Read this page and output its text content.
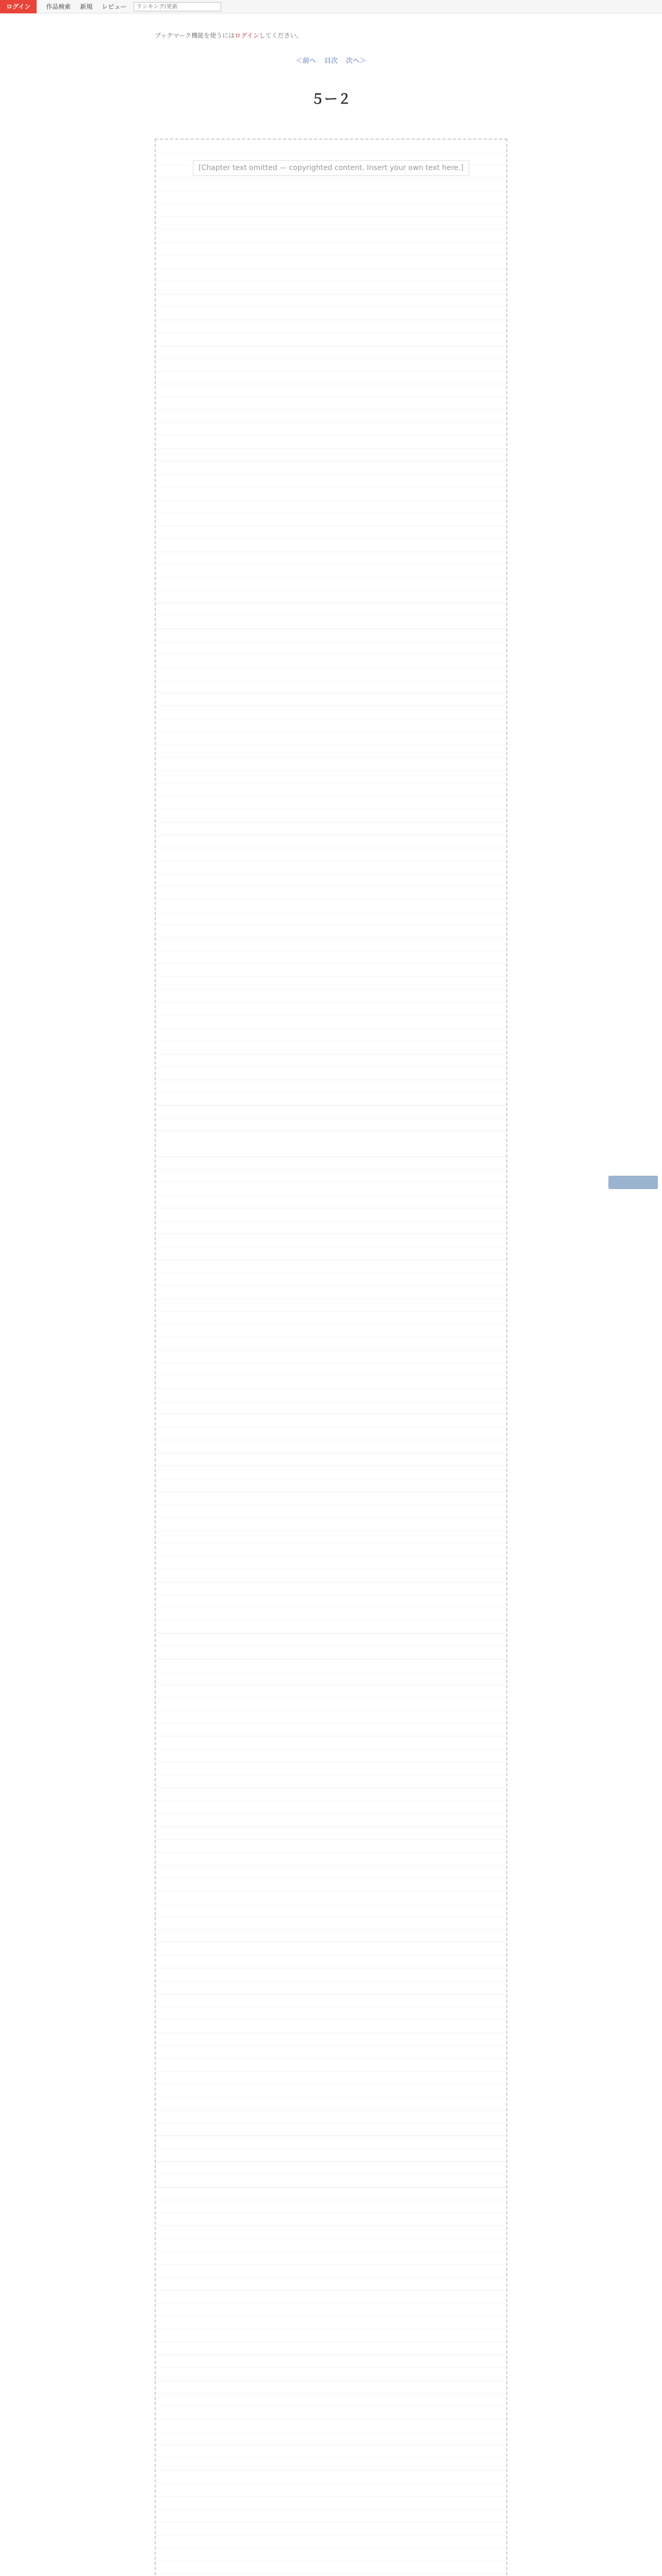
ログイン	作品検索 新規 レビュー
ランキング/更新
ブックマーク機能を使うにはログインしてください。
＜前へ 目次 次へ＞
５ー２
[Chapter text omitted — copyrighted content. Insert your own text here.]
